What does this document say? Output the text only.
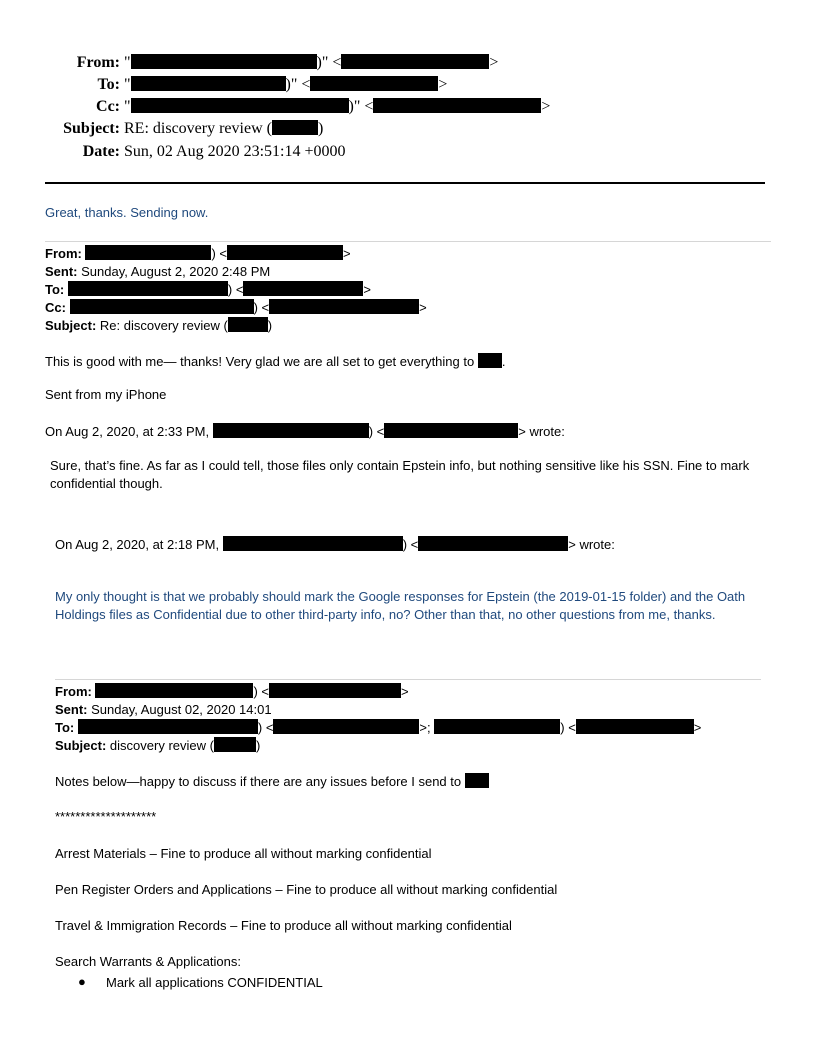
From: "	)" <	>
To: "	)" <	>
Cc: "	)" <	>
Subject: RE: discovery review (	)
Date: Sun, 02 Aug 2020 23:51:14 +0000
Great, thanks. Sending now.
From:	) <	>
Sent: Sunday, August 2, 2020 2:48 PM
To:	) <	>
Cc:	) <	>
Subject: Re: discovery review (	)
This is good with me— thanks! Very glad we are all set to get everything to .
Sent from my iPhone
On Aug 2, 2020, at 2:33 PM,	) <	> wrote:
Sure, that’s fine. As far as I could tell, those files only contain Epstein info, but nothing sensitive like his SSN. Fine to mark confidential though.
On Aug 2, 2020, at 2:18 PM,	) <	> wrote:
My only thought is that we probably should mark the Google responses for Epstein (the 2019-01-15 folder) and the Oath Holdings files as Confidential due to other third-party info, no? Other than that, no other questions from me, thanks.
From:	) <	>
Sent: Sunday, August 02, 2020 14:01
To:	) <	>;	) <	>
Subject: discovery review (	)
Notes below—happy to discuss if there are any issues before I send to
********************
Arrest Materials – Fine to produce all without marking confidential
Pen Register Orders and Applications – Fine to produce all without marking confidential
Travel & Immigration Records – Fine to produce all without marking confidential
Search Warrants & Applications:
● Mark all applications CONFIDENTIAL
